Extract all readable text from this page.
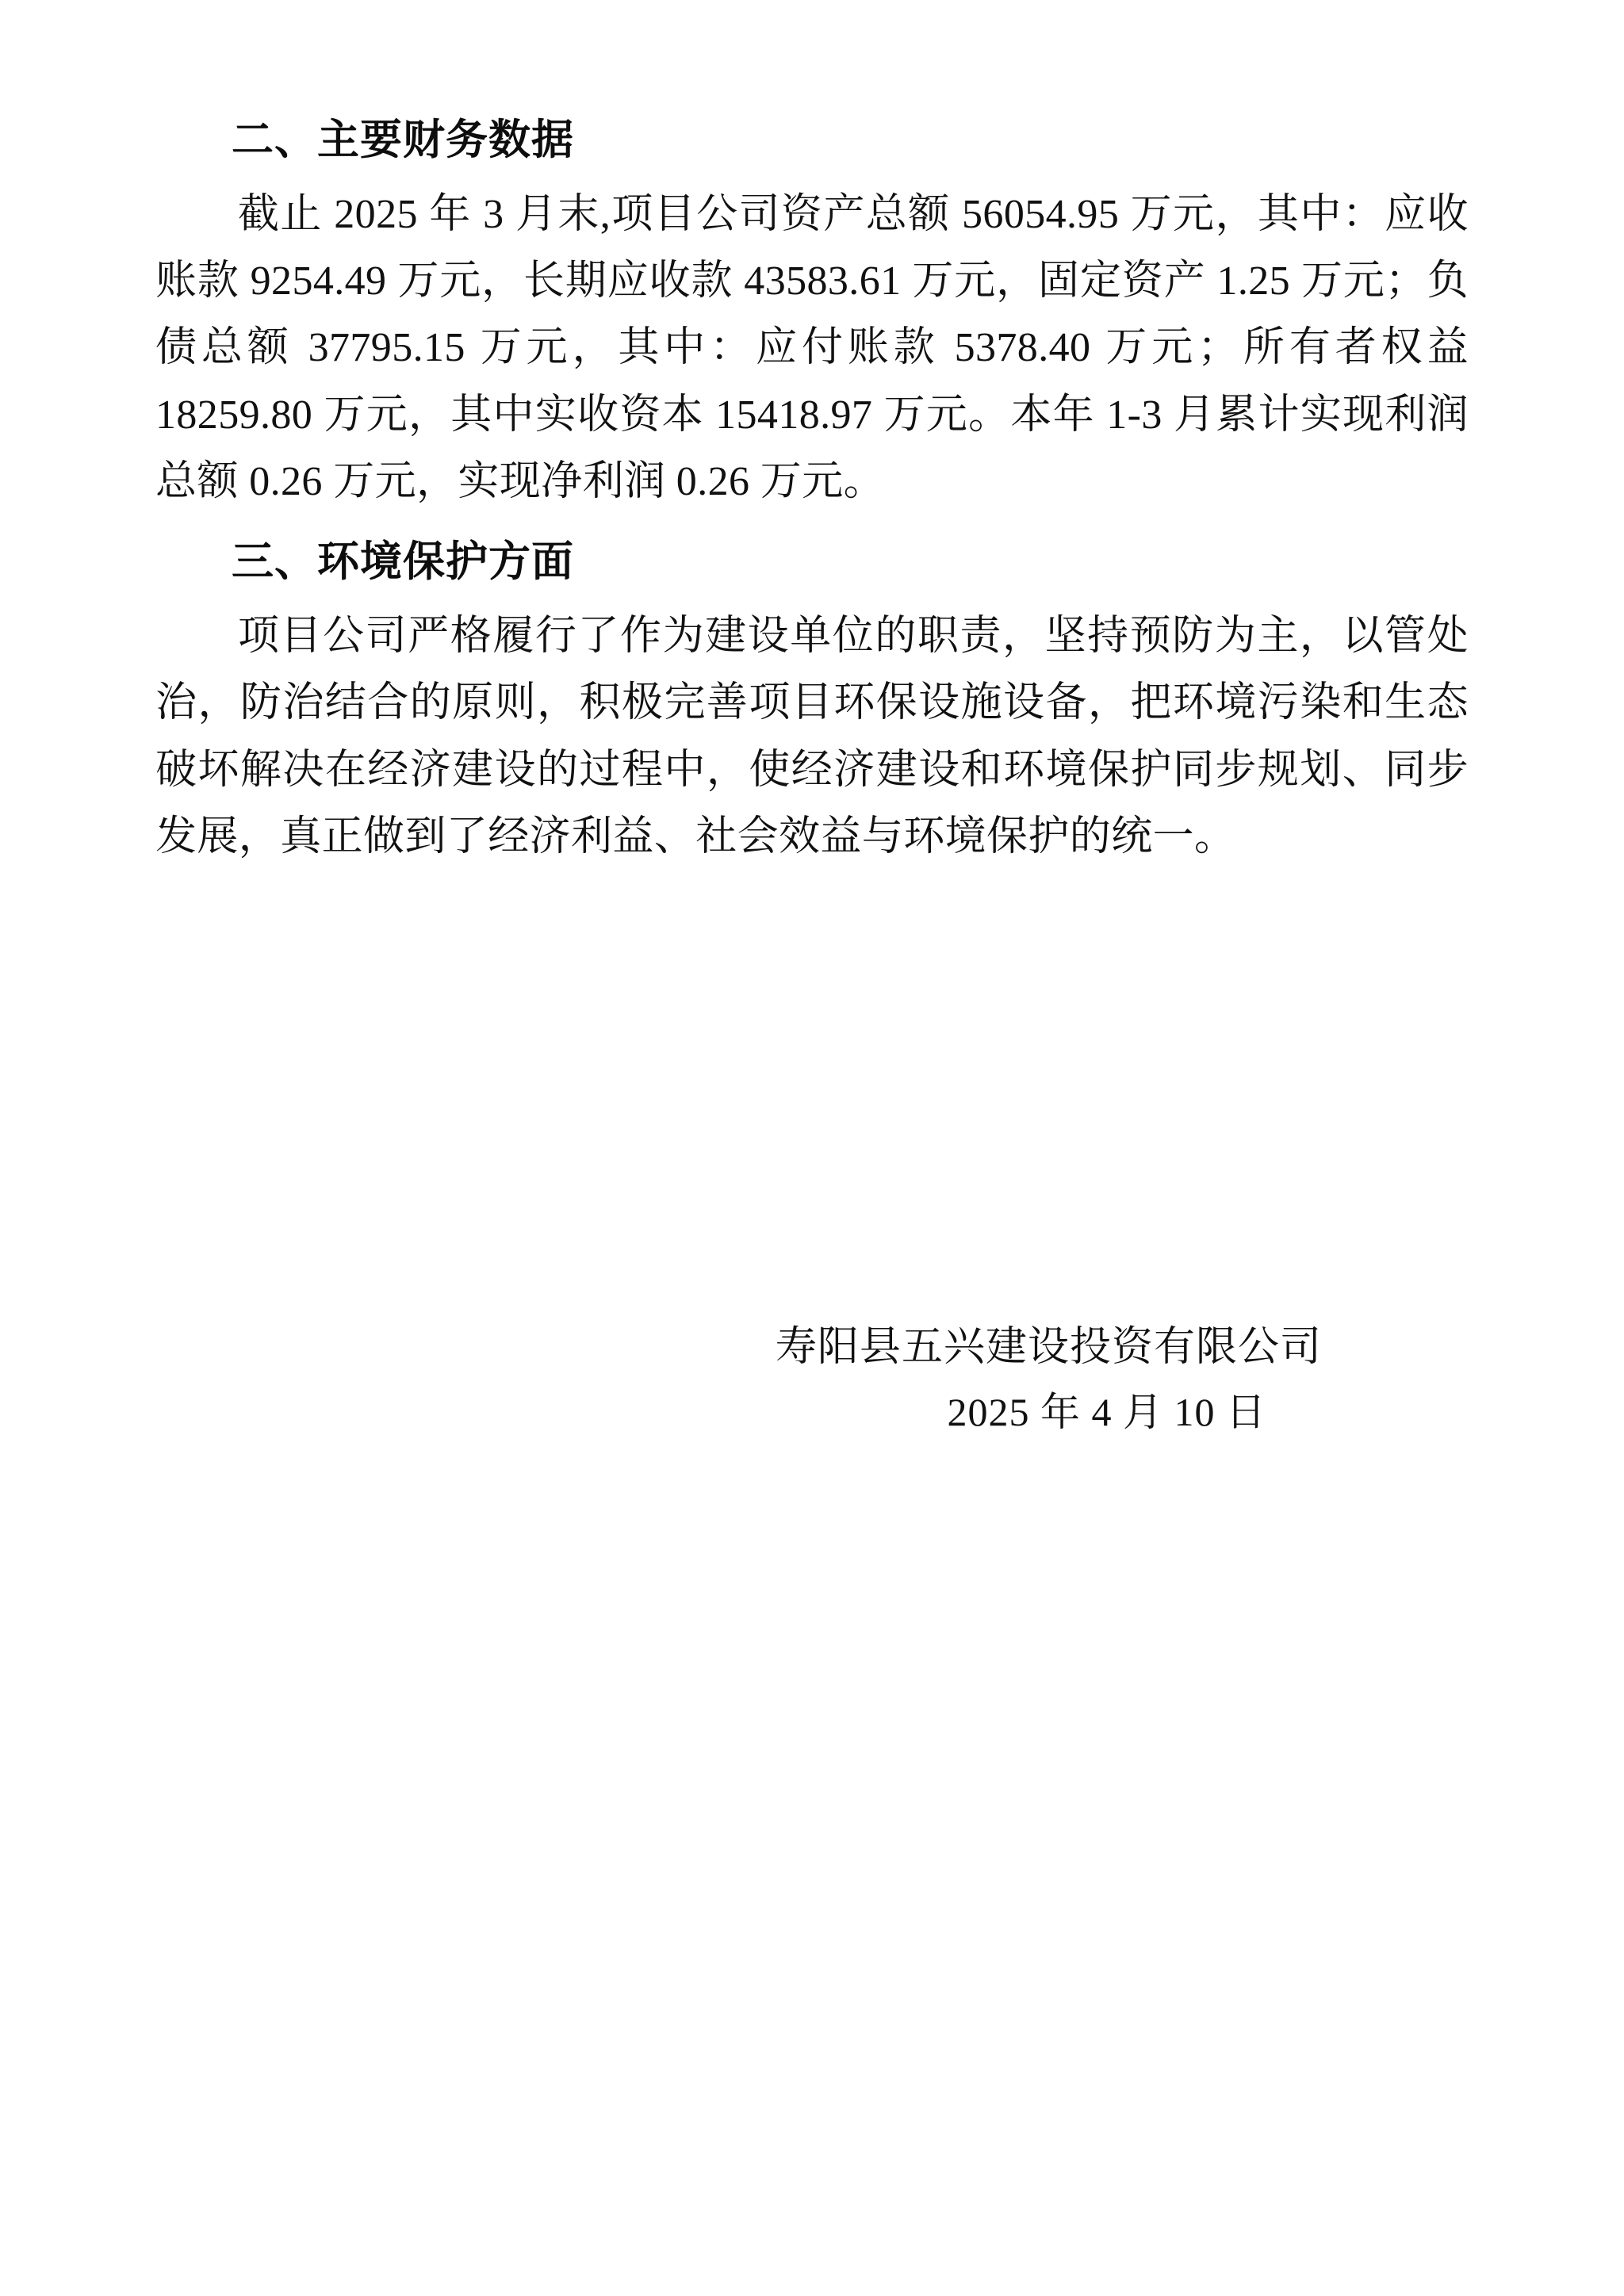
二、主要财务数据

截止 2025 年 3 月末,项目公司资产总额 56054.95 万元，其中：应收账款 9254.49 万元，长期应收款 43583.61 万元，固定资产 1.25 万元；负债总额 37795.15 万元，其中：应付账款 5378.40 万元；所有者权益 18259.80 万元，其中实收资本 15418.97 万元。本年 1-3 月累计实现利润总额 0.26 万元，实现净利润 0.26 万元。

三、环境保护方面

项目公司严格履行了作为建设单位的职责，坚持预防为主，以管处治，防治结合的原则，积极完善项目环保设施设备，把环境污染和生态破坏解决在经济建设的过程中，使经济建设和环境保护同步规划、同步发展，真正做到了经济利益、社会效益与环境保护的统一。

寿阳县五兴建设投资有限公司
2025 年 4 月 10 日
